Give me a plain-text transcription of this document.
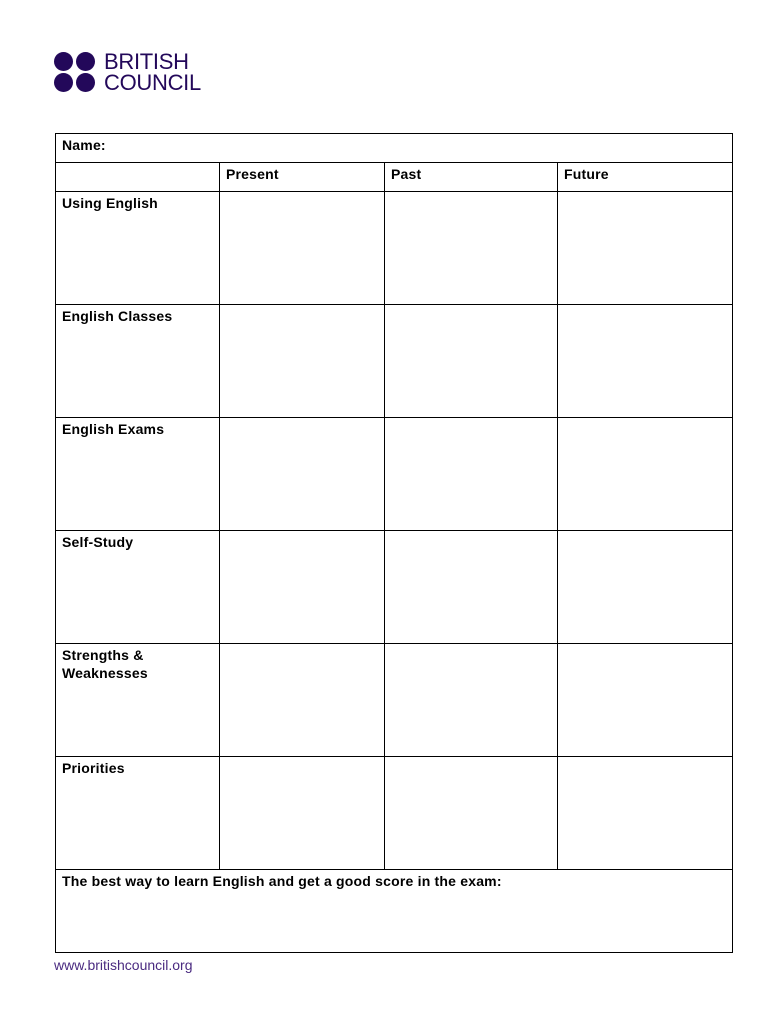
BRITISH
COUNCIL
Name:			
	Present	Past	Future
Using English			
English Classes			
English Exams			
Self-Study			
Strengths & Weaknesses			
Priorities			
The best way to learn English and get a good score in the exam:			
www.britishcouncil.org
